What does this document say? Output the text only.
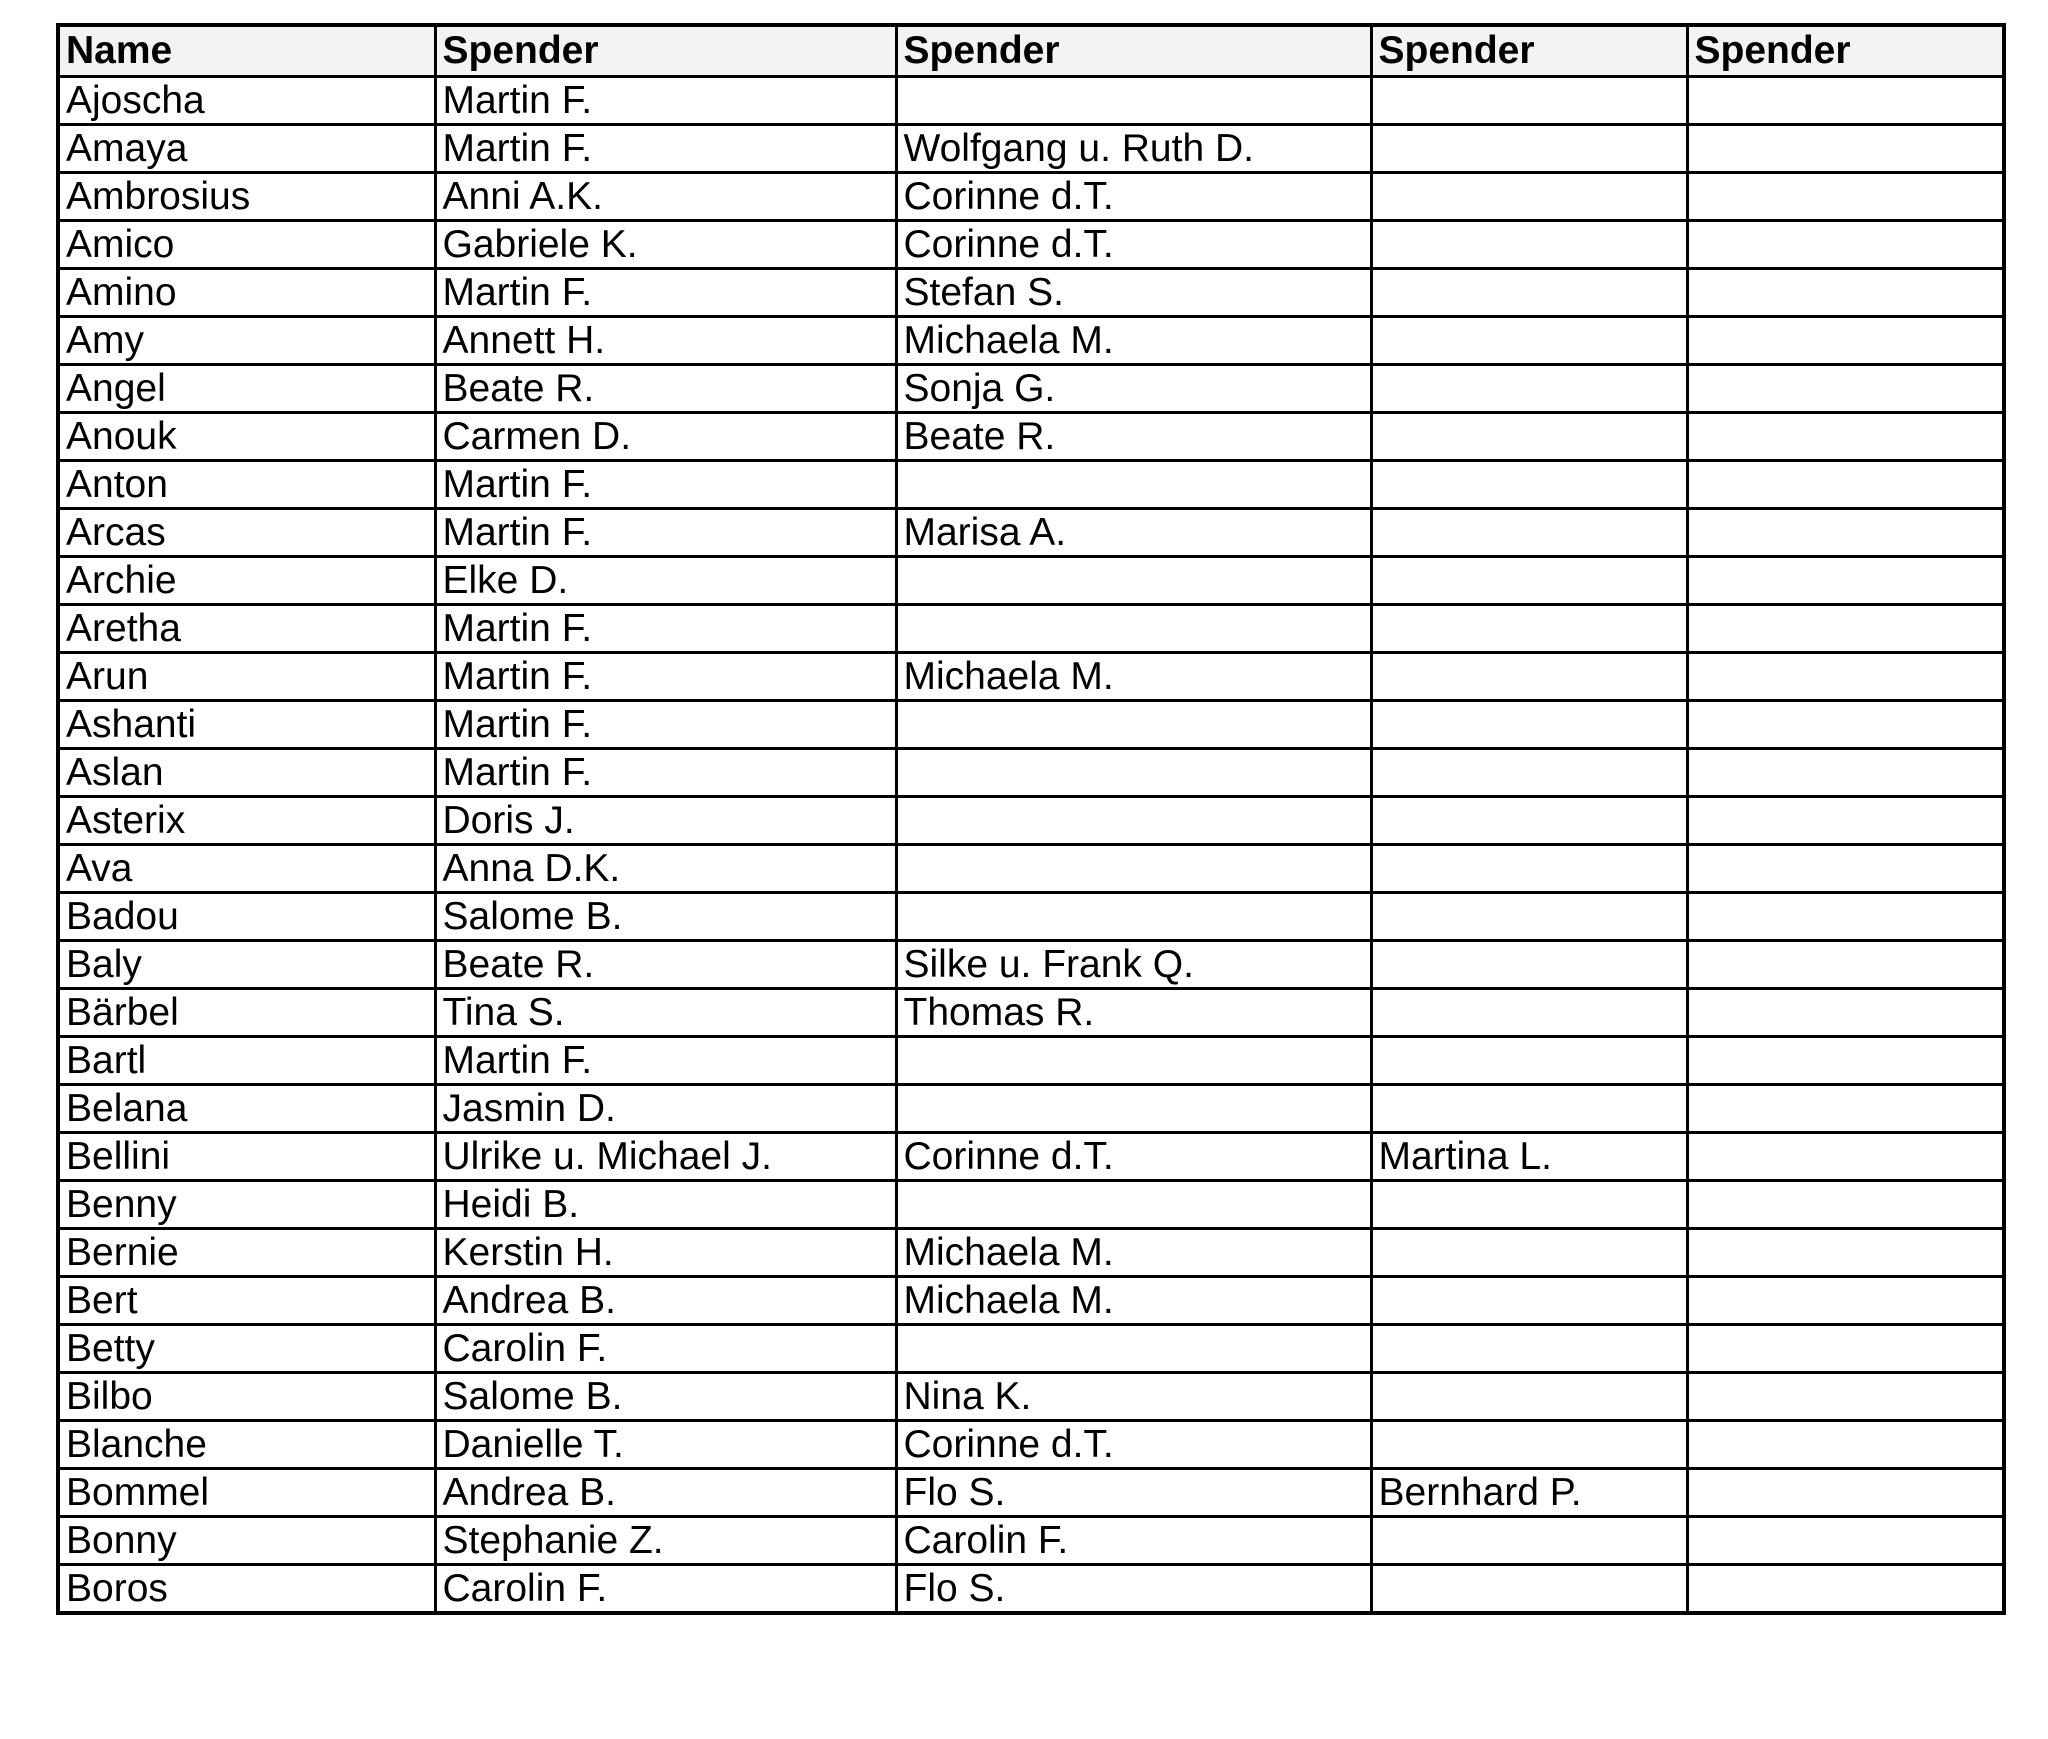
Name	Spender	Spender	Spender	Spender
Ajoscha	Martin F.			
Amaya	Martin F.	Wolfgang u. Ruth D.		
Ambrosius	Anni A.K.	Corinne d.T.		
Amico	Gabriele K.	Corinne d.T.		
Amino	Martin F.	Stefan S.		
Amy	Annett H.	Michaela M.		
Angel	Beate R.	Sonja G.		
Anouk	Carmen D.	Beate R.		
Anton	Martin F.			
Arcas	Martin F.	Marisa A.		
Archie	Elke D.			
Aretha	Martin F.			
Arun	Martin F.	Michaela M.		
Ashanti	Martin F.			
Aslan	Martin F.			
Asterix	Doris J.			
Ava	Anna D.K.			
Badou	Salome B.			
Baly	Beate R.	Silke u. Frank Q.		
Bärbel	Tina S.	Thomas R.		
Bartl	Martin F.			
Belana	Jasmin D.			
Bellini	Ulrike u. Michael J.	Corinne d.T.	Martina L.	
Benny	Heidi B.			
Bernie	Kerstin H.	Michaela M.		
Bert	Andrea B.	Michaela M.		
Betty	Carolin F.			
Bilbo	Salome B.	Nina K.		
Blanche	Danielle T.	Corinne d.T.		
Bommel	Andrea B.	Flo S.	Bernhard P.	
Bonny	Stephanie Z.	Carolin F.		
Boros	Carolin F.	Flo S.		
